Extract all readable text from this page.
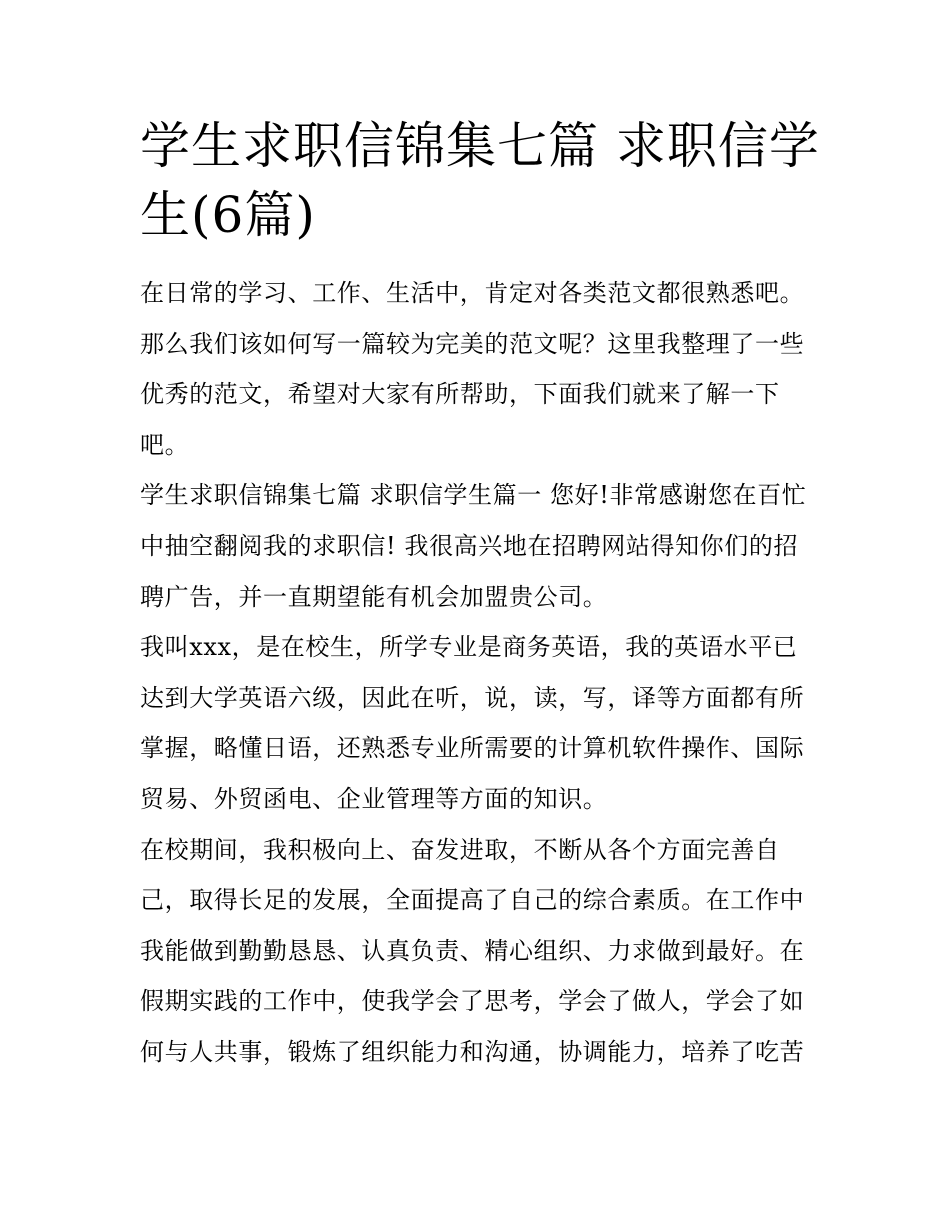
学生求职信锦集七篇 求职信学生(6篇)

在日常的学习、工作、生活中，肯定对各类范文都很熟悉吧。那么我们该如何写一篇较为完美的范文呢？这里我整理了一些优秀的范文，希望对大家有所帮助，下面我们就来了解一下吧。

学生求职信锦集七篇 求职信学生篇一 您好!非常感谢您在百忙中抽空翻阅我的求职信! 我很高兴地在招聘网站得知你们的招聘广告，并一直期望能有机会加盟贵公司。

我叫xxx，是在校生，所学专业是商务英语，我的英语水平已达到大学英语六级，因此在听，说，读，写，译等方面都有所掌握，略懂日语，还熟悉专业所需要的计算机软件操作、国际贸易、外贸函电、企业管理等方面的知识。

在校期间，我积极向上、奋发进取，不断从各个方面完善自己，取得长足的发展，全面提高了自己的综合素质。在工作中我能做到勤勤恳恳、认真负责、精心组织、力求做到最好。在假期实践的工作中，使我学会了思考，学会了做人，学会了如何与人共事，锻炼了组织能力和沟通，协调能力，培养了吃苦
